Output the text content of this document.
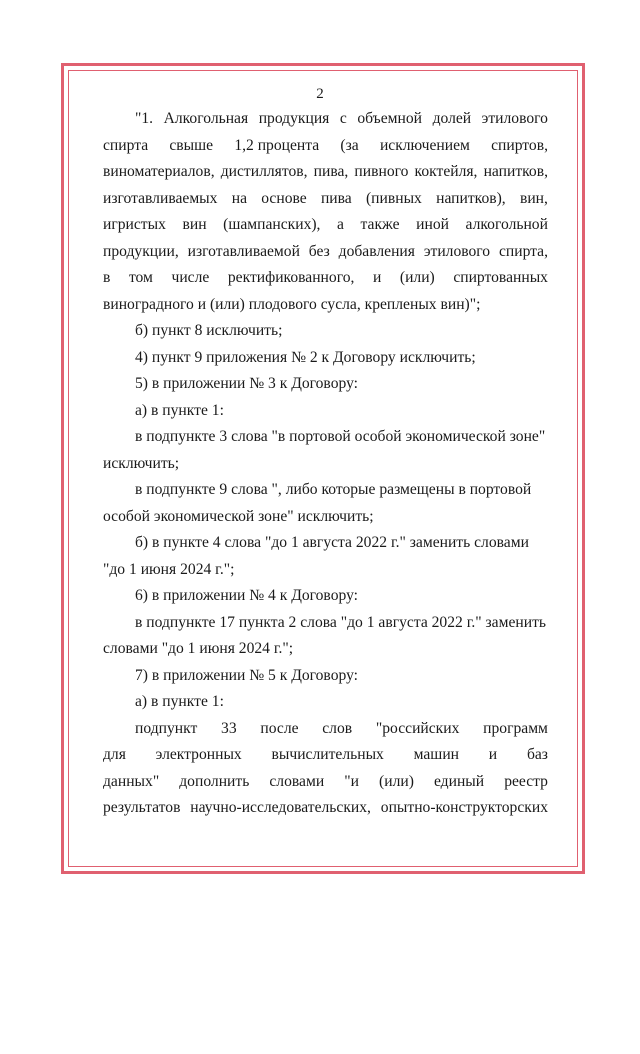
2
"1. Алкогольная продукция с объемной долей этилового
спирта свыше 1,2 процента (за исключением спиртов,
виноматериалов, дистиллятов, пива, пивного коктейля, напитков,
изготавливаемых на основе пива (пивных напитков), вин,
игристых вин (шампанских), а также иной алкогольной
продукции, изготавливаемой без добавления этилового спирта,
в том числе ректификованного, и (или) спиртованных
виноградного и (или) плодового сусла, крепленых вин)";
б) пункт 8 исключить;
4) пункт 9 приложения № 2 к Договору исключить;
5) в приложении № 3 к Договору:
а) в пункте 1:
в подпункте 3 слова "в портовой особой экономической зоне"
исключить;
в подпункте 9 слова ", либо которые размещены в портовой
особой экономической зоне" исключить;
б) в пункте 4 слова "до 1 августа 2022 г." заменить словами
"до 1 июня 2024 г.";
6) в приложении № 4 к Договору:
в подпункте 17 пункта 2 слова "до 1 августа 2022 г." заменить
словами "до 1 июня 2024 г.";
7) в приложении № 5 к Договору:
а) в пункте 1:
подпункт 33 после слов "российских программ
для электронных вычислительных машин и баз
данных" дополнить словами "и (или) единый реестр
результатов научно-исследовательских, опытно-конструкторских
